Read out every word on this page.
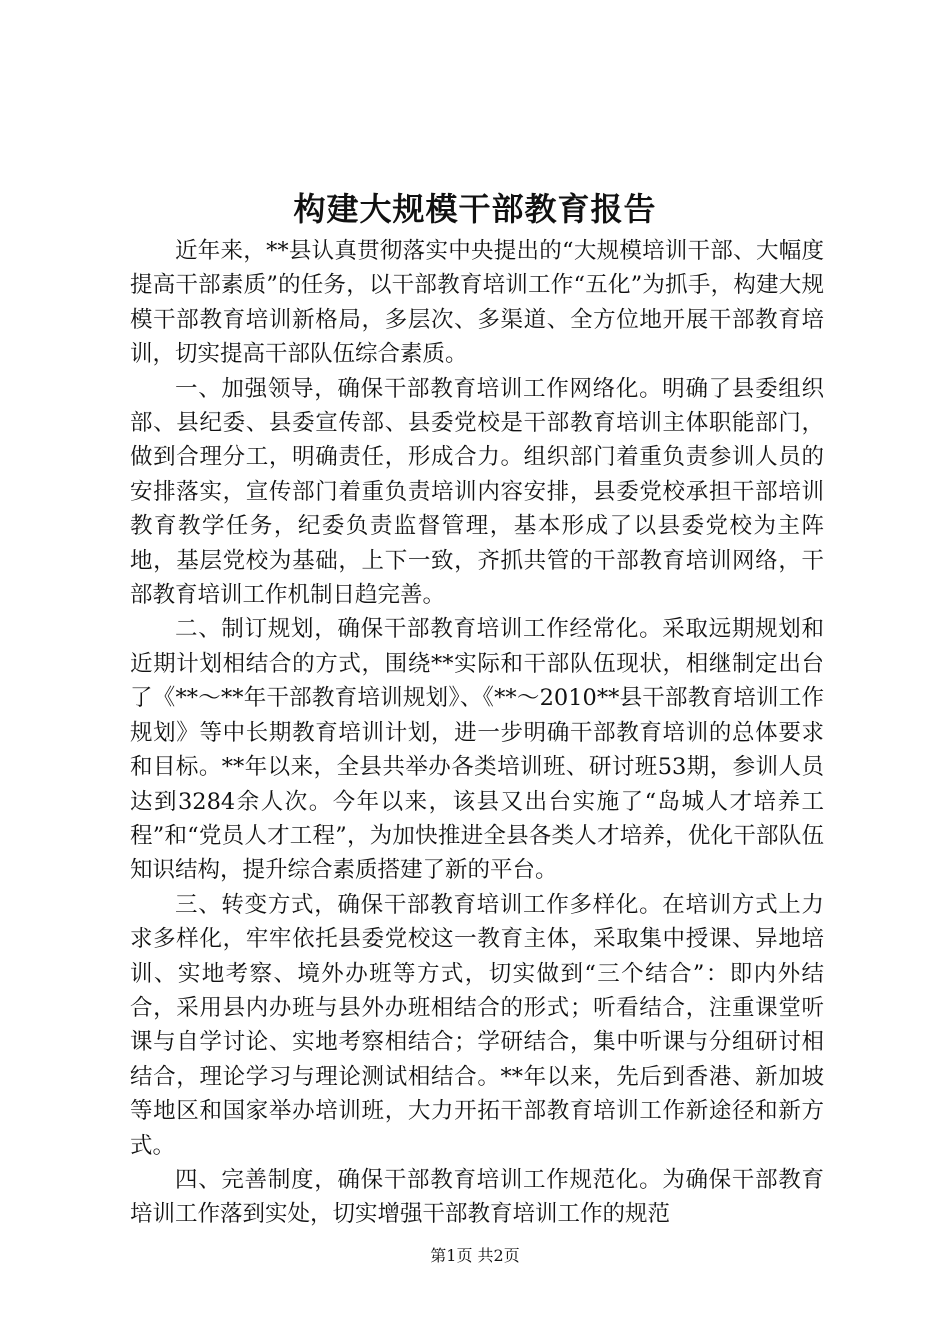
构建大规模干部教育报告

近年来，**县认真贯彻落实中央提出的“大规模培训干部、大幅度提高干部素质”的任务，以干部教育培训工作“五化”为抓手，构建大规模干部教育培训新格局，多层次、多渠道、全方位地开展干部教育培训，切实提高干部队伍综合素质。

一、加强领导，确保干部教育培训工作网络化。明确了县委组织部、县纪委、县委宣传部、县委党校是干部教育培训主体职能部门，做到合理分工，明确责任，形成合力。组织部门着重负责参训人员的安排落实，宣传部门着重负责培训内容安排，县委党校承担干部培训教育教学任务，纪委负责监督管理，基本形成了以县委党校为主阵地，基层党校为基础，上下一致，齐抓共管的干部教育培训网络，干部教育培训工作机制日趋完善。

二、制订规划，确保干部教育培训工作经常化。采取远期规划和近期计划相结合的方式，围绕**实际和干部队伍现状，相继制定出台了《**～**年干部教育培训规划》、《**～2010**县干部教育培训工作规划》等中长期教育培训计划，进一步明确干部教育培训的总体要求和目标。**年以来，全县共举办各类培训班、研讨班53期，参训人员达到3284余人次。今年以来，该县又出台实施了“岛城人才培养工程”和“党员人才工程”，为加快推进全县各类人才培养，优化干部队伍知识结构，提升综合素质搭建了新的平台。

三、转变方式，确保干部教育培训工作多样化。在培训方式上力求多样化，牢牢依托县委党校这一教育主体，采取集中授课、异地培训、实地考察、境外办班等方式，切实做到“三个结合”：即内外结合，采用县内办班与县外办班相结合的形式；听看结合，注重课堂听课与自学讨论、实地考察相结合；学研结合，集中听课与分组研讨相结合，理论学习与理论测试相结合。**年以来，先后到香港、新加坡等地区和国家举办培训班，大力开拓干部教育培训工作新途径和新方式。

四、完善制度，确保干部教育培训工作规范化。为确保干部教育培训工作落到实处，切实增强干部教育培训工作的规范

第1页 共2页
